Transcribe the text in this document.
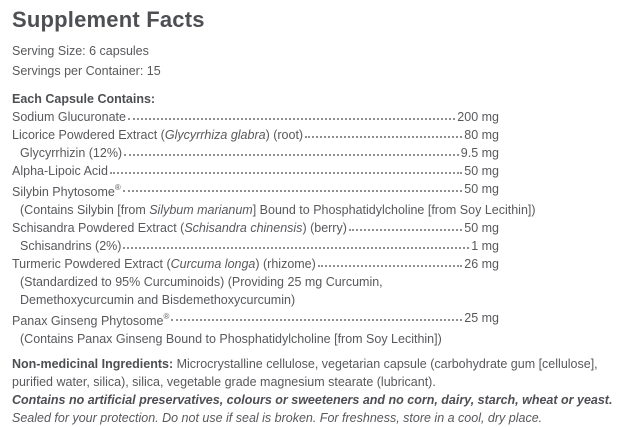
Supplement Facts
Serving Size: 6 capsules
Servings per Container: 15
Each Capsule Contains:
Sodium Glucuronate	200 mg
Licorice Powdered Extract (Glycyrrhiza glabra) (root)	80 mg
Glycyrrhizin (12%)	9.5 mg
Alpha-Lipoic Acid	50 mg
Silybin Phytosome®	50 mg
(Contains Silybin [from Silybum marianum] Bound to Phosphatidylcholine [from Soy Lecithin])
Schisandra Powdered Extract (Schisandra chinensis) (berry)	50 mg
Schisandrins (2%)	1 mg
Turmeric Powdered Extract (Curcuma longa) (rhizome)	26 mg
(Standardized to 95% Curcuminoids) (Providing 25 mg Curcumin,
Demethoxycurcumin and Bisdemethoxycurcumin)
Panax Ginseng Phytosome®	25 mg
(Contains Panax Ginseng Bound to Phosphatidylcholine [from Soy Lecithin])

Non-medicinal Ingredients: Microcrystalline cellulose, vegetarian capsule (carbohydrate gum [cellulose], purified water, silica), silica, vegetable grade magnesium stearate (lubricant).

Contains no artificial preservatives, colours or sweeteners and no corn, dairy, starch, wheat or yeast. Sealed for your protection. Do not use if seal is broken. For freshness, store in a cool, dry place.
